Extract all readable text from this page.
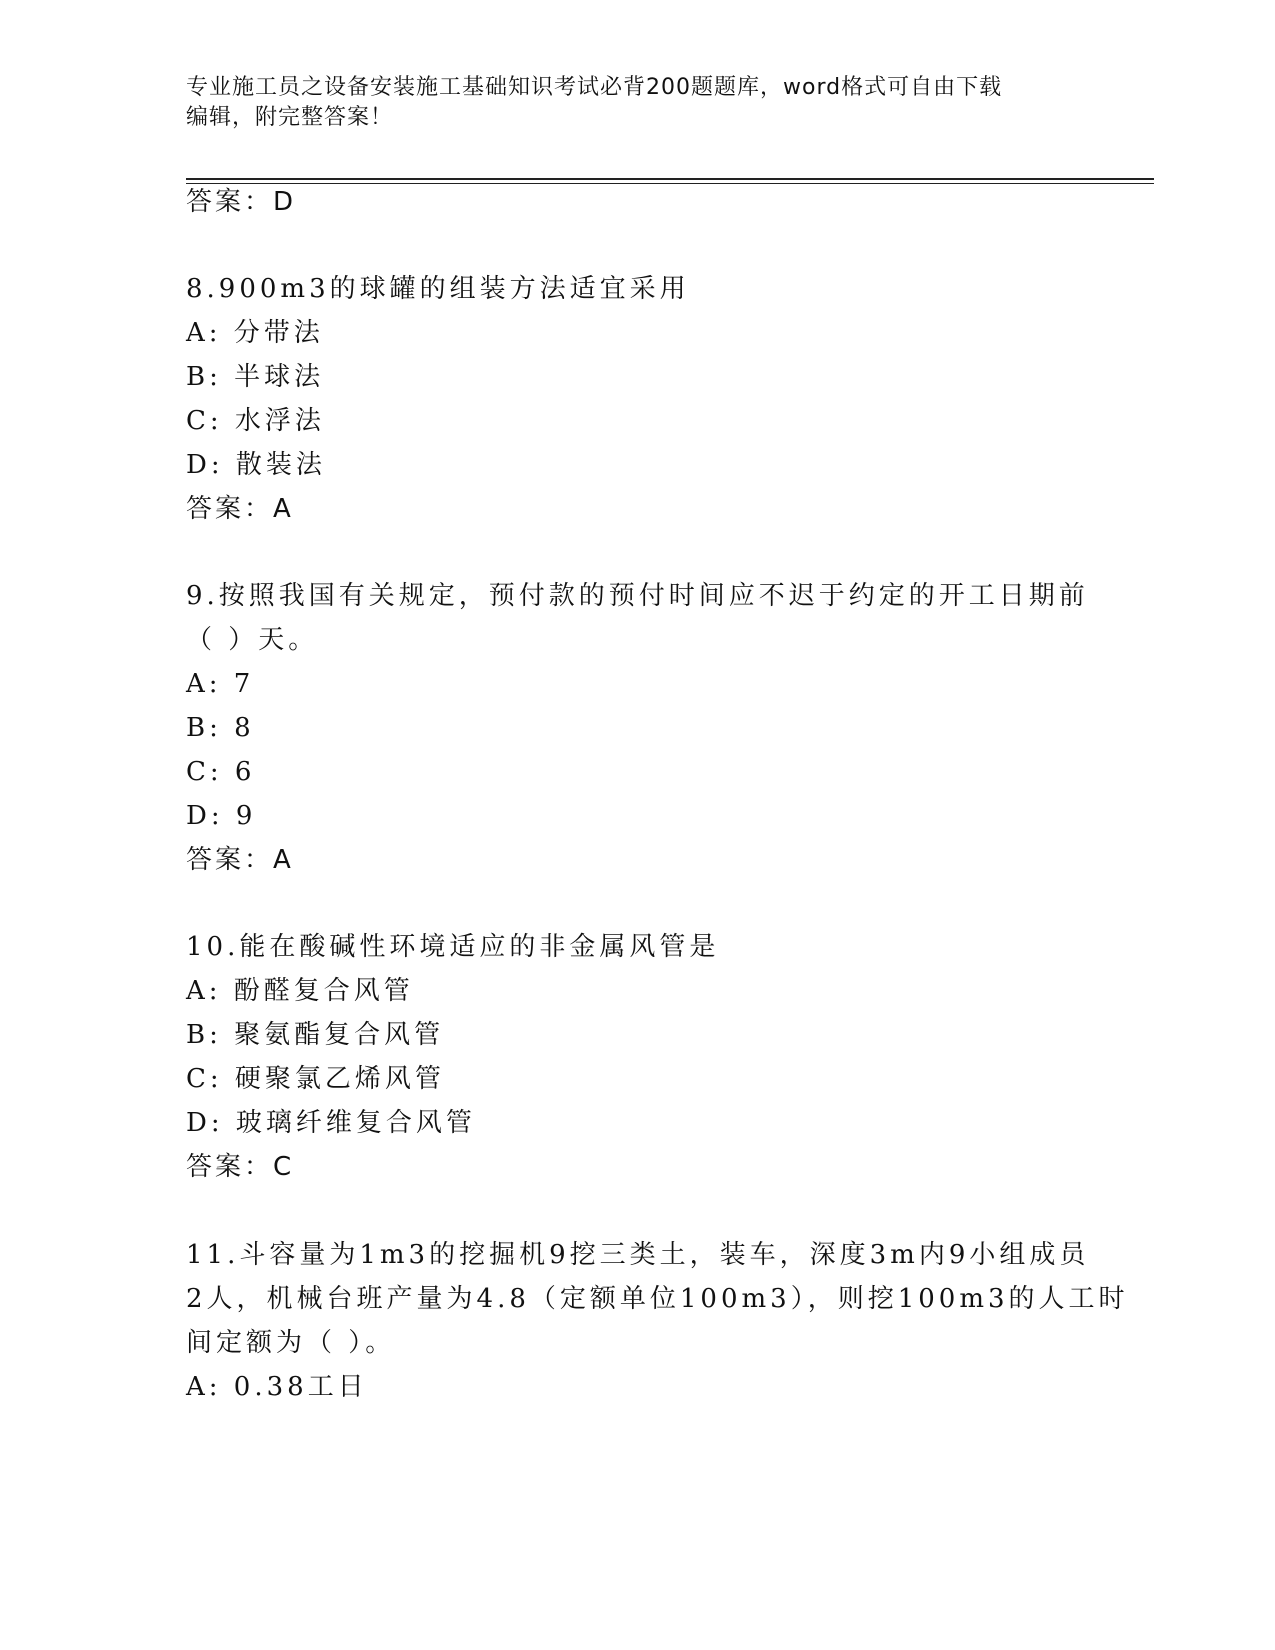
专业施工员之设备安装施工基础知识考试必背200题题库，word格式可自由下载
编辑，附完整答案！
答案：D
8.900m3的球罐的组装方法适宜采用
A: 分带法
B: 半球法
C: 水浮法
D: 散装法
答案：A
9.按照我国有关规定，预付款的预付时间应不迟于约定的开工日期前
（ ）天。
A: 7
B: 8
C: 6
D: 9
答案：A
10.能在酸碱性环境适应的非金属风管是
A: 酚醛复合风管
B: 聚氨酯复合风管
C: 硬聚氯乙烯风管
D: 玻璃纤维复合风管
答案：C
11.斗容量为1m3的挖掘机9挖三类土，装车，深度3m内9小组成员
2人，机械台班产量为4.8（定额单位100m3），则挖100m3的人工时
间定额为（ ）。
A: 0.38工日
